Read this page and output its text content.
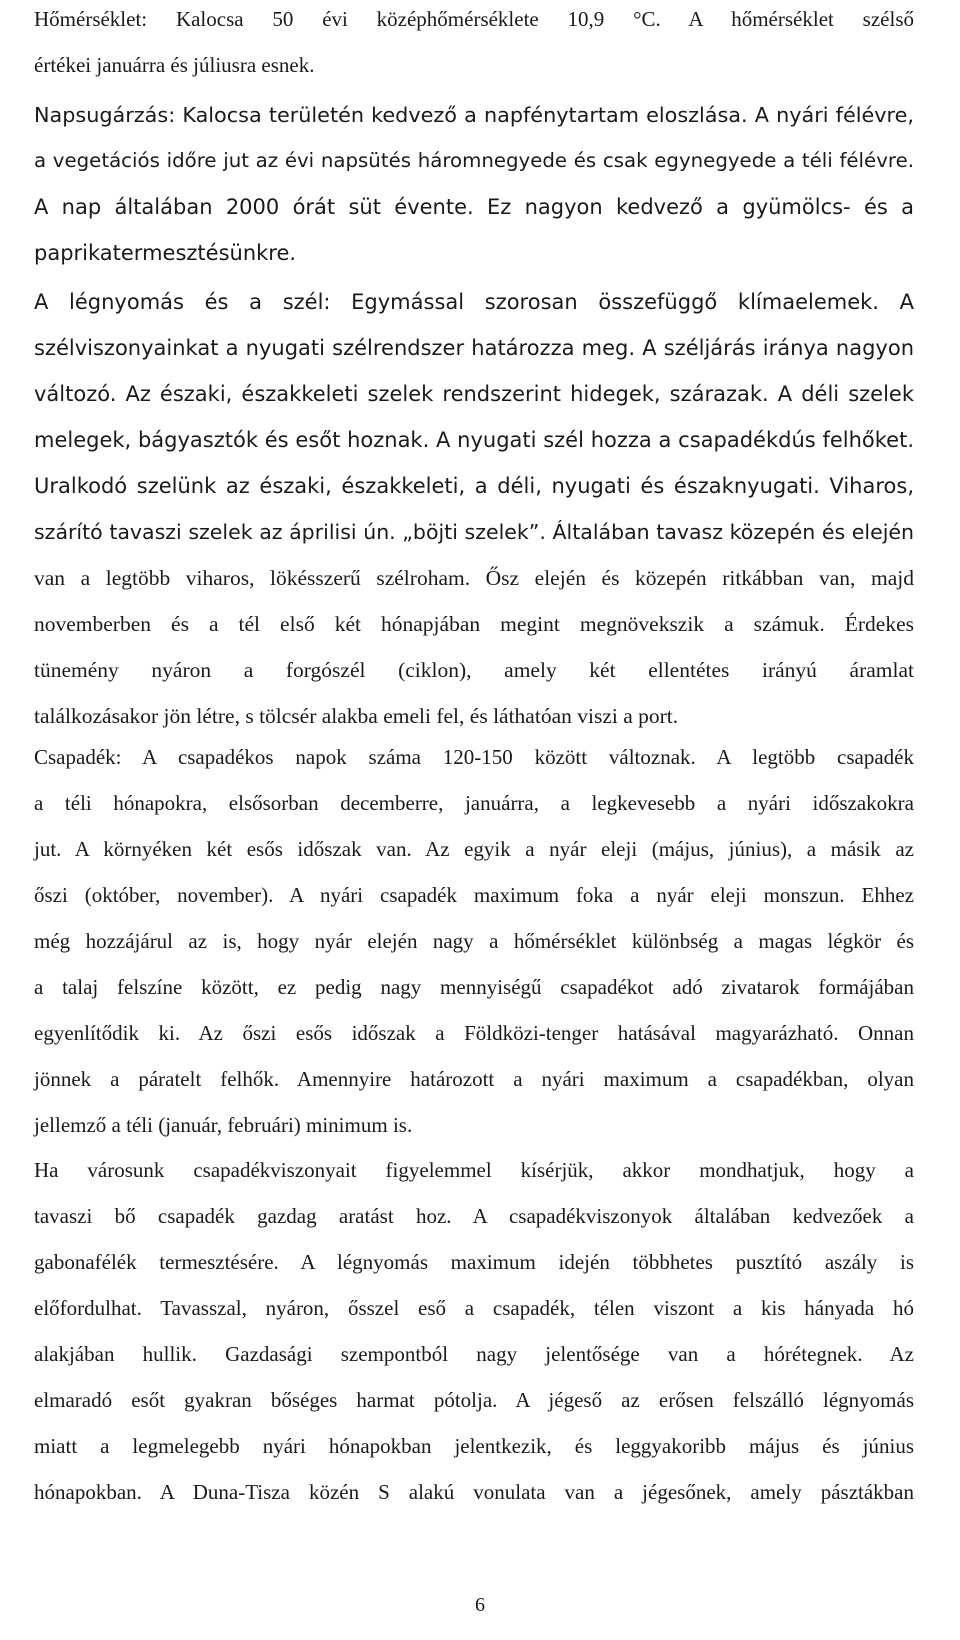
Hőmérséklet: Kalocsa 50 évi középhőmérséklete 10,9 °C. A hőmérséklet szélső
értékei januárra és júliusra esnek.
Napsugárzás: Kalocsa területén kedvező a napfénytartam eloszlása. A nyári félévre,
a vegetációs időre jut az évi napsütés háromnegyede és csak egynegyede a téli félévre.
A nap általában 2000 órát süt évente. Ez nagyon kedvező a gyümölcs- és a
paprikatermesztésünkre.
A légnyomás és a szél: Egymással szorosan összefüggő klímaelemek. A
szélviszonyainkat a nyugati szélrendszer határozza meg. A széljárás iránya nagyon
változó. Az északi, északkeleti szelek rendszerint hidegek, szárazak. A déli szelek
melegek, bágyasztók és esőt hoznak. A nyugati szél hozza a csapadékdús felhőket.
Uralkodó szelünk az északi, északkeleti, a déli, nyugati és északnyugati. Viharos,
szárító tavaszi szelek az áprilisi ún. „böjti szelek”. Általában tavasz közepén és elején
van a legtöbb viharos, lökésszerű szélroham. Ősz elején és közepén ritkábban van, majd
novemberben és a tél első két hónapjában megint megnövekszik a számuk. Érdekes
tünemény nyáron a forgószél (ciklon), amely két ellentétes irányú áramlat
találkozásakor jön létre, s tölcsér alakba emeli fel, és láthatóan viszi a port.
Csapadék: A csapadékos napok száma 120-150 között változnak. A legtöbb csapadék
a téli hónapokra, elsősorban decemberre, januárra, a legkevesebb a nyári időszakokra
jut. A környéken két esős időszak van. Az egyik a nyár eleji (május, június), a másik az
őszi (október, november). A nyári csapadék maximum foka a nyár eleji monszun. Ehhez
még hozzájárul az is, hogy nyár elején nagy a hőmérséklet különbség a magas légkör és
a talaj felszíne között, ez pedig nagy mennyiségű csapadékot adó zivatarok formájában
egyenlítődik ki. Az őszi esős időszak a Földközi-tenger hatásával magyarázható. Onnan
jönnek a páratelt felhők. Amennyire határozott a nyári maximum a csapadékban, olyan
jellemző a téli (január, februári) minimum is.
Ha városunk csapadékviszonyait figyelemmel kísérjük, akkor mondhatjuk, hogy a
tavaszi bő csapadék gazdag aratást hoz. A csapadékviszonyok általában kedvezőek a
gabonafélék termesztésére. A légnyomás maximum idején többhetes pusztító aszály is
előfordulhat. Tavasszal, nyáron, ősszel eső a csapadék, télen viszont a kis hányada hó
alakjában hullik. Gazdasági szempontból nagy jelentősége van a hórétegnek. Az
elmaradó esőt gyakran bőséges harmat pótolja. A jégeső az erősen felszálló légnyomás
miatt a legmelegebb nyári hónapokban jelentkezik, és leggyakoribb május és június
hónapokban. A Duna-Tisza közén S alakú vonulata van a jégesőnek, amely pásztákban
6
